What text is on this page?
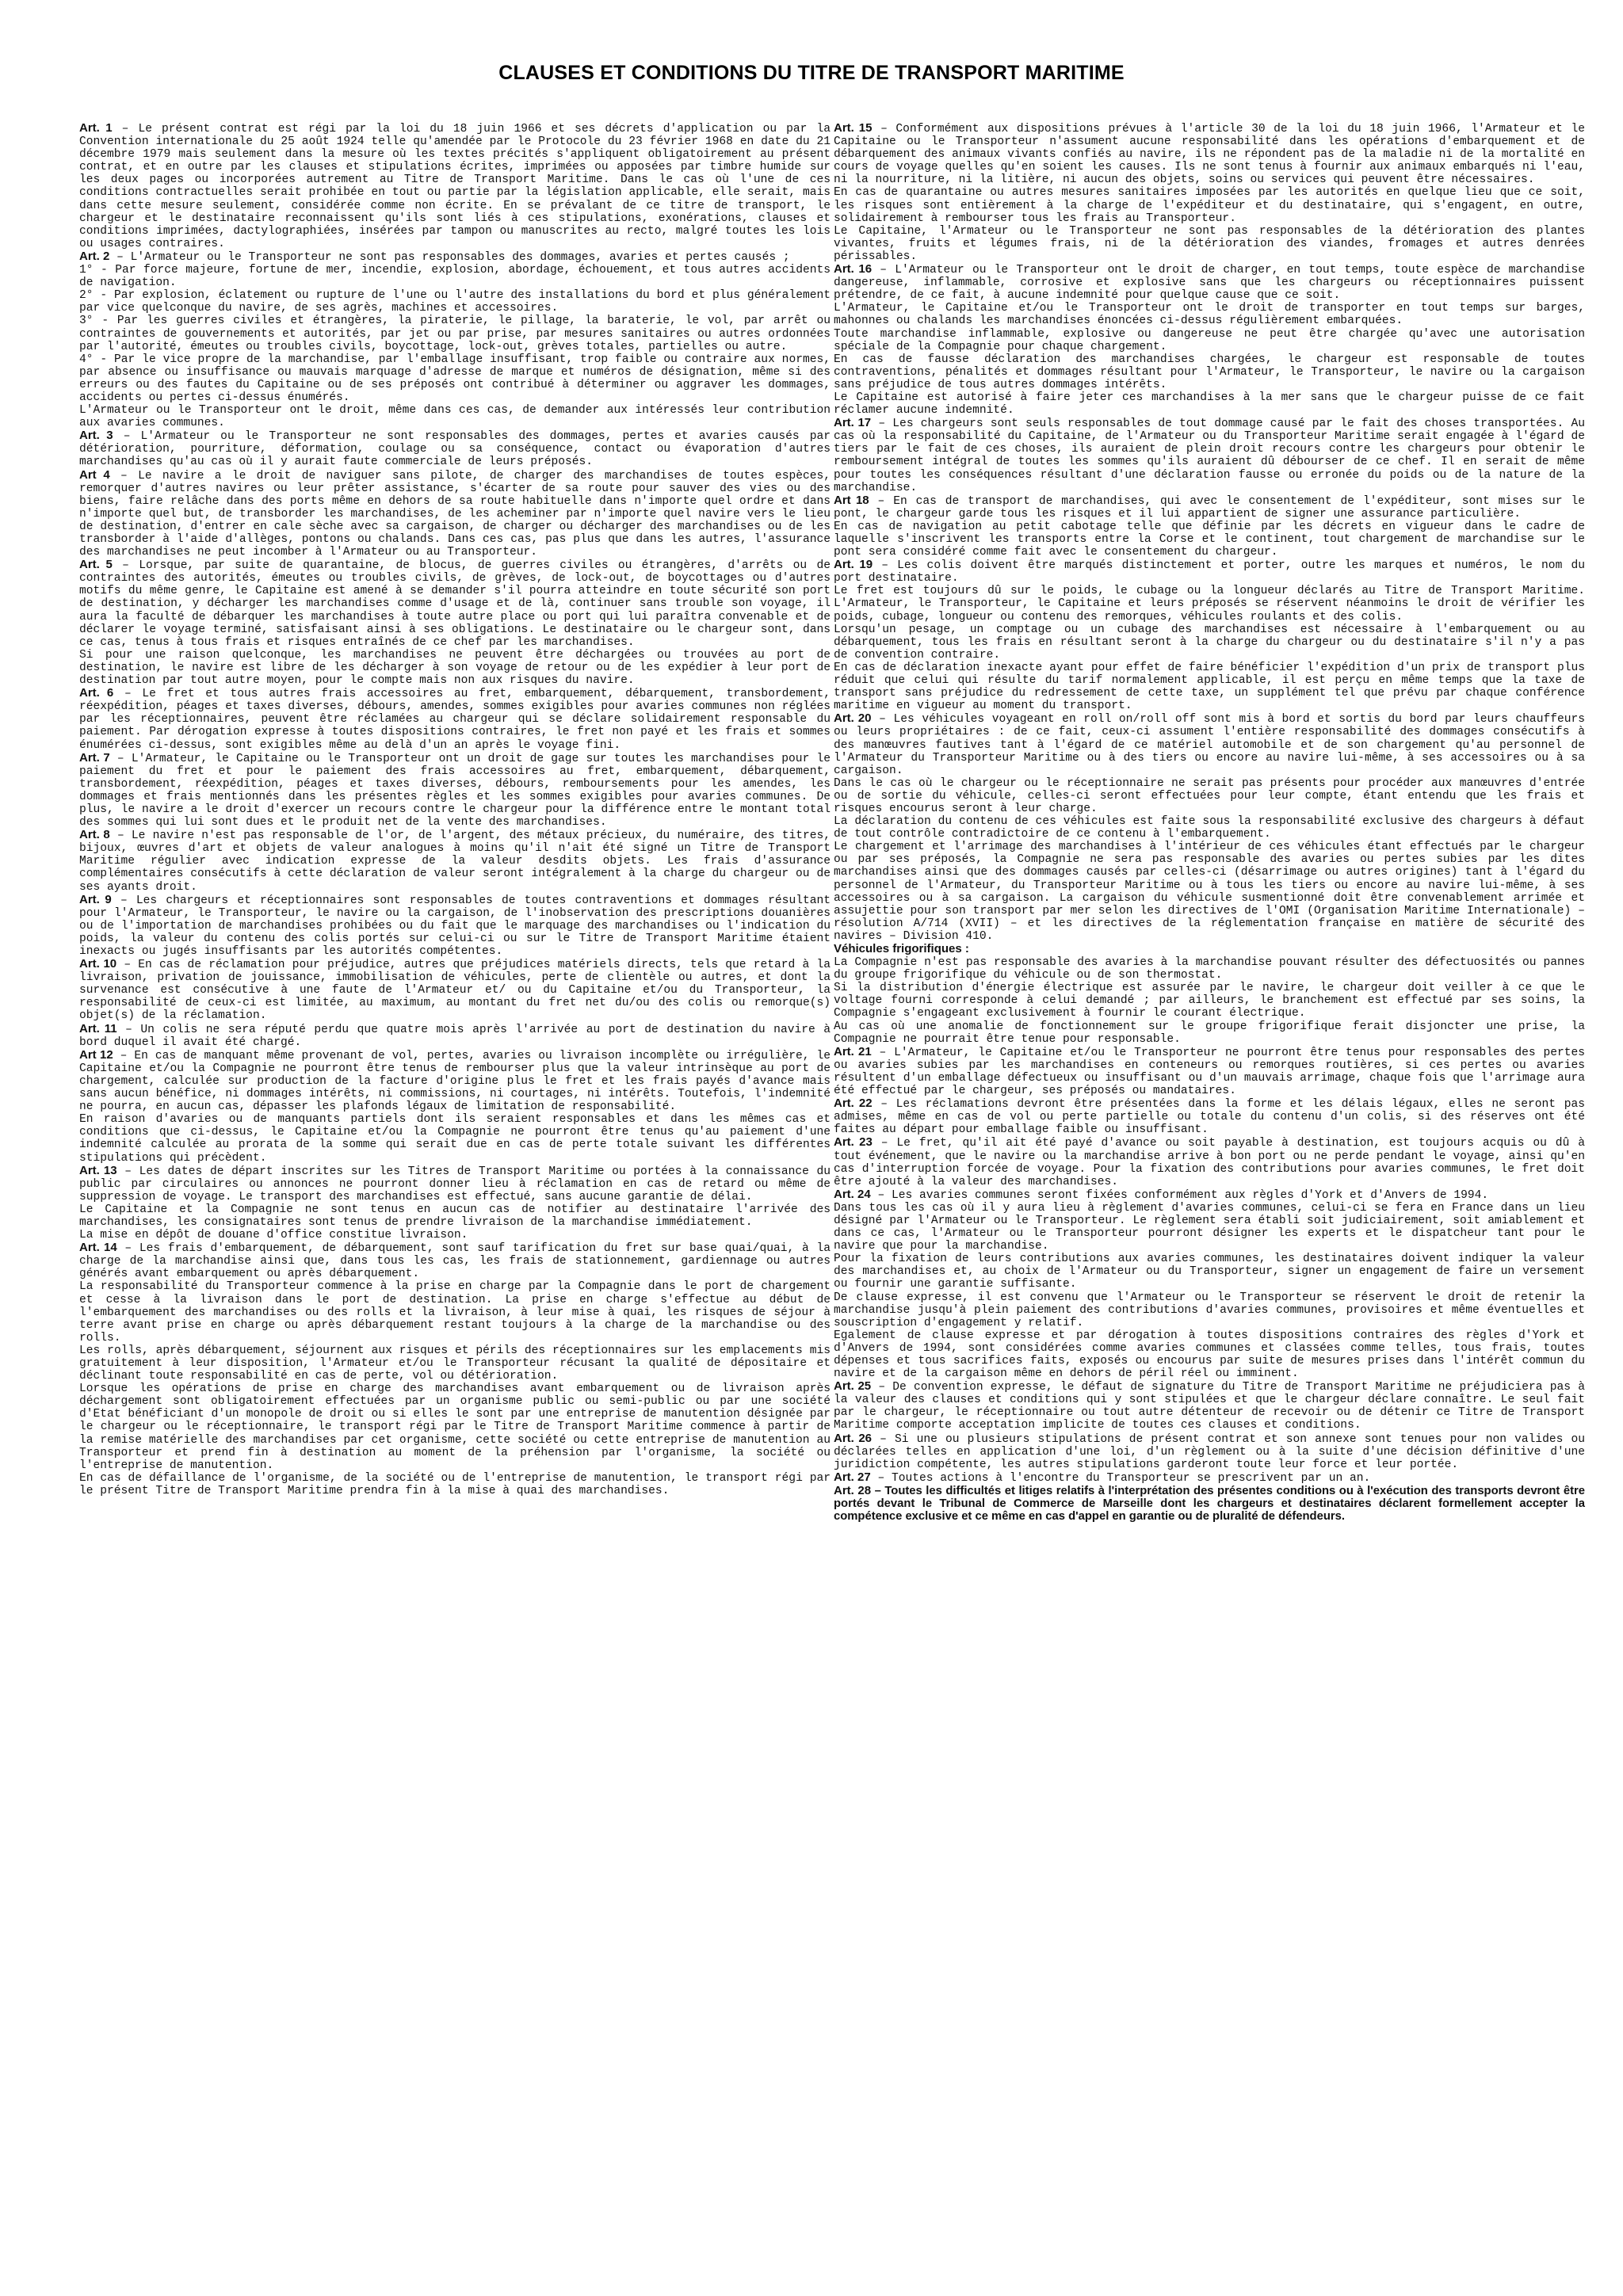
CLAUSES ET CONDITIONS DU TITRE DE TRANSPORT MARITIME

Art. 1 – Le présent contrat est régi par la loi du 18 juin 1966 et ses décrets d'application ou par la Convention internationale du 25 août 1924 telle qu'amendée par le Protocole du 23 février 1968 en date du 21 décembre 1979 mais seulement dans la mesure où les textes précités s'appliquent obligatoirement au présent contrat, et en outre par les clauses et stipulations écrites, imprimées ou apposées par timbre humide sur les deux pages ou incorporées autrement au Titre de Transport Maritime. Dans le cas où l'une de ces conditions contractuelles serait prohibée en tout ou partie par la législation applicable, elle serait, mais dans cette mesure seulement, considérée comme non écrite. En se prévalant de ce titre de transport, le chargeur et le destinataire reconnaissent qu'ils sont liés à ces stipulations, exonérations, clauses et conditions imprimées, dactylographiées, insérées par tampon ou manuscrites au recto, malgré toutes les lois ou usages contraires.

Art. 2 – L'Armateur ou le Transporteur ne sont pas responsables des dommages, avaries et pertes causés ;

1° - Par force majeure, fortune de mer, incendie, explosion, abordage, échouement, et tous autres accidents de navigation.

2° - Par explosion, éclatement ou rupture de l'une ou l'autre des installations du bord et plus généralement par vice quelconque du navire, de ses agrès, machines et accessoires.

3° - Par les guerres civiles et étrangères, la piraterie, le pillage, la baraterie, le vol, par arrêt ou contraintes de gouvernements et autorités, par jet ou par prise, par mesures sanitaires ou autres ordonnées par l'autorité, émeutes ou troubles civils, boycottage, lock-out, grèves totales, partielles ou autre.

4° - Par le vice propre de la marchandise, par l'emballage insuffisant, trop faible ou contraire aux normes, par absence ou insuffisance ou mauvais marquage d'adresse de marque et numéros de désignation, même si des erreurs ou des fautes du Capitaine ou de ses préposés ont contribué à déterminer ou aggraver les dommages, accidents ou pertes ci-dessus énumérés.

L'Armateur ou le Transporteur ont le droit, même dans ces cas, de demander aux intéressés leur contribution aux avaries communes.

Art. 3 – L'Armateur ou le Transporteur ne sont responsables des dommages, pertes et avaries causés par détérioration, pourriture, déformation, coulage ou sa conséquence, contact ou évaporation d'autres marchandises qu'au cas où il y aurait faute commerciale de leurs préposés.

Art 4 – Le navire a le droit de naviguer sans pilote, de charger des marchandises de toutes espèces, remorquer d'autres navires ou leur prêter assistance, s'écarter de sa route pour sauver des vies ou des biens, faire relâche dans des ports même en dehors de sa route habituelle dans n'importe quel ordre et dans n'importe quel but, de transborder les marchandises, de les acheminer par n'importe quel navire vers le lieu de destination, d'entrer en cale sèche avec sa cargaison, de charger ou décharger des marchandises ou de les transborder à l'aide d'allèges, pontons ou chalands. Dans ces cas, pas plus que dans les autres, l'assurance des marchandises ne peut incomber à l'Armateur ou au Transporteur.

Art. 5 – Lorsque, par suite de quarantaine, de blocus, de guerres civiles ou étrangères, d'arrêts ou de contraintes des autorités, émeutes ou troubles civils, de grèves, de lock-out, de boycottages ou d'autres motifs du même genre, le Capitaine est amené à se demander s'il pourra atteindre en toute sécurité son port de destination, y décharger les marchandises comme d'usage et de là, continuer sans trouble son voyage, il aura la faculté de débarquer les marchandises à toute autre place ou port qui lui paraîtra convenable et de déclarer le voyage terminé, satisfaisant ainsi à ses obligations. Le destinataire ou le chargeur sont, dans ce cas, tenus à tous frais et risques entraînés de ce chef par les marchandises.

Si pour une raison quelconque, les marchandises ne peuvent être déchargées ou trouvées au port de destination, le navire est libre de les décharger à son voyage de retour ou de les expédier à leur port de destination par tout autre moyen, pour le compte mais non aux risques du navire.

Art. 6 – Le fret et tous autres frais accessoires au fret, embarquement, débarquement, transbordement, réexpédition, péages et taxes diverses, débours, amendes, sommes exigibles pour avaries communes non réglées par les réceptionnaires, peuvent être réclamées au chargeur qui se déclare solidairement responsable du paiement. Par dérogation expresse à toutes dispositions contraires, le fret non payé et les frais et sommes énumérées ci-dessus, sont exigibles même au delà d'un an après le voyage fini.

Art. 7 – L'Armateur, le Capitaine ou le Transporteur ont un droit de gage sur toutes les marchandises pour le paiement du fret et pour le paiement des frais accessoires au fret, embarquement, débarquement, transbordement, réexpédition, péages et taxes diverses, débours, remboursements pour les amendes, les dommages et frais mentionnés dans les présentes règles et les sommes exigibles pour avaries communes. De plus, le navire a le droit d'exercer un recours contre le chargeur pour la différence entre le montant total des sommes qui lui sont dues et le produit net de la vente des marchandises.

Art. 8 – Le navire n'est pas responsable de l'or, de l'argent, des métaux précieux, du numéraire, des titres, bijoux, œuvres d'art et objets de valeur analogues à moins qu'il n'ait été signé un Titre de Transport Maritime régulier avec indication expresse de la valeur desdits objets. Les frais d'assurance complémentaires consécutifs à cette déclaration de valeur seront intégralement à la charge du chargeur ou de ses ayants droit.

Art. 9 – Les chargeurs et réceptionnaires sont responsables de toutes contraventions et dommages résultant pour l'Armateur, le Transporteur, le navire ou la cargaison, de l'inobservation des prescriptions douanières ou de l'importation de marchandises prohibées ou du fait que le marquage des marchandises ou l'indication du poids, la valeur du contenu des colis portés sur celui-ci ou sur le Titre de Transport Maritime étaient inexacts ou jugés insuffisants par les autorités compétentes.

Art. 10 – En cas de réclamation pour préjudice, autres que préjudices matériels directs, tels que retard à la livraison, privation de jouissance, immobilisation de véhicules, perte de clientèle ou autres, et dont la survenance est consécutive à une faute de l'Armateur et/ ou du Capitaine et/ou du Transporteur, la responsabilité de ceux-ci est limitée, au maximum, au montant du fret net du/ou des colis ou remorque(s) objet(s) de la réclamation.

Art. 11 – Un colis ne sera réputé perdu que quatre mois après l'arrivée au port de destination du navire à bord duquel il avait été chargé.

Art 12 – En cas de manquant même provenant de vol, pertes, avaries ou livraison incomplète ou irrégulière, le Capitaine et/ou la Compagnie ne pourront être tenus de rembourser plus que la valeur intrinsèque au port de chargement, calculée sur production de la facture d'origine plus le fret et les frais payés d'avance mais sans aucun bénéfice, ni dommages intérêts, ni commissions, ni courtages, ni intérêts. Toutefois, l'indemnité ne pourra, en aucun cas, dépasser les plafonds légaux de limitation de responsabilité.

En raison d'avaries ou de manquants partiels dont ils seraient responsables et dans les mêmes cas et conditions que ci-dessus, le Capitaine et/ou la Compagnie ne pourront être tenus qu'au paiement d'une indemnité calculée au prorata de la somme qui serait due en cas de perte totale suivant les différentes stipulations qui précèdent.

Art. 13 – Les dates de départ inscrites sur les Titres de Transport Maritime ou portées à la connaissance du public par circulaires ou annonces ne pourront donner lieu à réclamation en cas de retard ou même de suppression de voyage. Le transport des marchandises est effectué, sans aucune garantie de délai.

Le Capitaine et la Compagnie ne sont tenus en aucun cas de notifier au destinataire l'arrivée des marchandises, les consignataires sont tenus de prendre livraison de la marchandise immédiatement.

La mise en dépôt de douane d'office constitue livraison.

Art. 14 – Les frais d'embarquement, de débarquement, sont sauf tarification du fret sur base quai/quai, à la charge de la marchandise ainsi que, dans tous les cas, les frais de stationnement, gardiennage ou autres générés avant embarquement ou après débarquement.

La responsabilité du Transporteur commence à la prise en charge par la Compagnie dans le port de chargement et cesse à la livraison dans le port de destination. La prise en charge s'effectue au début de l'embarquement des marchandises ou des rolls et la livraison, à leur mise à quai, les risques de séjour à terre avant prise en charge ou après débarquement restant toujours à la charge de la marchandise ou des rolls.

Les rolls, après débarquement, séjournent aux risques et périls des réceptionnaires sur les emplacements mis gratuitement à leur disposition, l'Armateur et/ou le Transporteur récusant la qualité de dépositaire et déclinant toute responsabilité en cas de perte, vol ou détérioration.

Lorsque les opérations de prise en charge des marchandises avant embarquement ou de livraison après déchargement sont obligatoirement effectuées par un organisme public ou semi-public ou par une société d'Etat bénéficiant d'un monopole de droit ou si elles le sont par une entreprise de manutention désignée par le chargeur ou le réceptionnaire, le transport régi par le Titre de Transport Maritime commence à partir de la remise matérielle des marchandises par cet organisme, cette société ou cette entreprise de manutention au Transporteur et prend fin à destination au moment de la préhension par l'organisme, la société ou l'entreprise de manutention.

En cas de défaillance de l'organisme, de la société ou de l'entreprise de manutention, le transport régi par le présent Titre de Transport Maritime prendra fin à la mise à quai des marchandises.

Art. 15 – Conformément aux dispositions prévues à l'article 30 de la loi du 18 juin 1966, l'Armateur et le Capitaine ou le Transporteur n'assument aucune responsabilité dans les opérations d'embarquement et de débarquement des animaux vivants confiés au navire, ils ne répondent pas de la maladie ni de la mortalité en cours de voyage quelles qu'en soient les causes. Ils ne sont tenus à fournir aux animaux embarqués ni l'eau, ni la nourriture, ni la litière, ni aucun des objets, soins ou services qui peuvent être nécessaires.

En cas de quarantaine ou autres mesures sanitaires imposées par les autorités en quelque lieu que ce soit, les risques sont entièrement à la charge de l'expéditeur et du destinataire, qui s'engagent, en outre, solidairement à rembourser tous les frais au Transporteur.

Le Capitaine, l'Armateur ou le Transporteur ne sont pas responsables de la détérioration des plantes vivantes, fruits et légumes frais, ni de la détérioration des viandes, fromages et autres denrées périssables.

Art. 16 – L'Armateur ou le Transporteur ont le droit de charger, en tout temps, toute espèce de marchandise dangereuse, inflammable, corrosive et explosive sans que les chargeurs ou réceptionnaires puissent prétendre, de ce fait, à aucune indemnité pour quelque cause que ce soit.

L'Armateur, le Capitaine et/ou le Transporteur ont le droit de transporter en tout temps sur barges, mahonnes ou chalands les marchandises énoncées ci-dessus régulièrement embarquées.

Toute marchandise inflammable, explosive ou dangereuse ne peut être chargée qu'avec une autorisation spéciale de la Compagnie pour chaque chargement.

En cas de fausse déclaration des marchandises chargées, le chargeur est responsable de toutes contraventions, pénalités et dommages résultant pour l'Armateur, le Transporteur, le navire ou la cargaison sans préjudice de tous autres dommages intérêts.

Le Capitaine est autorisé à faire jeter ces marchandises à la mer sans que le chargeur puisse de ce fait réclamer aucune indemnité.

Art. 17 – Les chargeurs sont seuls responsables de tout dommage causé par le fait des choses transportées. Au cas où la responsabilité du Capitaine, de l'Armateur ou du Transporteur Maritime serait engagée à l'égard de tiers par le fait de ces choses, ils auraient de plein droit recours contre les chargeurs pour obtenir le remboursement intégral de toutes les sommes qu'ils auraient dû débourser de ce chef. Il en serait de même pour toutes les conséquences résultant d'une déclaration fausse ou erronée du poids ou de la nature de la marchandise.

Art 18 – En cas de transport de marchandises, qui avec le consentement de l'expéditeur, sont mises sur le pont, le chargeur garde tous les risques et il lui appartient de signer une assurance particulière.

En cas de navigation au petit cabotage telle que définie par les décrets en vigueur dans le cadre de laquelle s'inscrivent les transports entre la Corse et le continent, tout chargement de marchandise sur le pont sera considéré comme fait avec le consentement du chargeur.

Art. 19 – Les colis doivent être marqués distinctement et porter, outre les marques et numéros, le nom du port destinataire.

Le fret est toujours dû sur le poids, le cubage ou la longueur déclarés au Titre de Transport Maritime. L'Armateur, le Transporteur, le Capitaine et leurs préposés se réservent néanmoins le droit de vérifier les poids, cubage, longueur ou contenu des remorques, véhicules roulants et des colis.

Lorsqu'un pesage, un comptage ou un cubage des marchandises est nécessaire à l'embarquement ou au débarquement, tous les frais en résultant seront à la charge du chargeur ou du destinataire s'il n'y a pas de convention contraire.

En cas de déclaration inexacte ayant pour effet de faire bénéficier l'expédition d'un prix de transport plus réduit que celui qui résulte du tarif normalement applicable, il est perçu en même temps que la taxe de transport sans préjudice du redressement de cette taxe, un supplément tel que prévu par chaque conférence maritime en vigueur au moment du transport.

Art. 20 – Les véhicules voyageant en roll on/roll off sont mis à bord et sortis du bord par leurs chauffeurs ou leurs propriétaires : de ce fait, ceux-ci assument l'entière responsabilité des dommages consécutifs à des manœuvres fautives tant à l'égard de ce matériel automobile et de son chargement qu'au personnel de l'Armateur du Transporteur Maritime ou à des tiers ou encore au navire lui-même, à ses accessoires ou à sa cargaison.

Dans le cas où le chargeur ou le réceptionnaire ne serait pas présents pour procéder aux manœuvres d'entrée ou de sortie du véhicule, celles-ci seront effectuées pour leur compte, étant entendu que les frais et risques encourus seront à leur charge.

La déclaration du contenu de ces véhicules est faite sous la responsabilité exclusive des chargeurs à défaut de tout contrôle contradictoire de ce contenu à l'embarquement.

Le chargement et l'arrimage des marchandises à l'intérieur de ces véhicules étant effectués par le chargeur ou par ses préposés, la Compagnie ne sera pas responsable des avaries ou pertes subies par les dites marchandises ainsi que des dommages causés par celles-ci (désarrimage ou autres origines) tant à l'égard du personnel de l'Armateur, du Transporteur Maritime ou à tous les tiers ou encore au navire lui-même, à ses accessoires ou à sa cargaison. La cargaison du véhicule susmentionné doit être convenablement arrimée et assujettie pour son transport par mer selon les directives de l'OMI (Organisation Maritime Internationale) – résolution A/714 (XVII) – et les directives de la réglementation française en matière de sécurité des navires – Division 410.

Véhicules frigorifiques :

La Compagnie n'est pas responsable des avaries à la marchandise pouvant résulter des défectuosités ou pannes du groupe frigorifique du véhicule ou de son thermostat.

Si la distribution d'énergie électrique est assurée par le navire, le chargeur doit veiller à ce que le voltage fourni corresponde à celui demandé ; par ailleurs, le branchement est effectué par ses soins, la Compagnie s'engageant exclusivement à fournir le courant électrique.

Au cas où une anomalie de fonctionnement sur le groupe frigorifique ferait disjoncter une prise, la Compagnie ne pourrait être tenue pour responsable.

Art. 21 – L'Armateur, le Capitaine et/ou le Transporteur ne pourront être tenus pour responsables des pertes ou avaries subies par les marchandises en conteneurs ou remorques routières, si ces pertes ou avaries résultent d'un emballage défectueux ou insuffisant ou d'un mauvais arrimage, chaque fois que l'arrimage aura été effectué par le chargeur, ses préposés ou mandataires.

Art. 22 – Les réclamations devront être présentées dans la forme et les délais légaux, elles ne seront pas admises, même en cas de vol ou perte partielle ou totale du contenu d'un colis, si des réserves ont été faites au départ pour emballage faible ou insuffisant.

Art. 23 – Le fret, qu'il ait été payé d'avance ou soit payable à destination, est toujours acquis ou dû à tout événement, que le navire ou la marchandise arrive à bon port ou ne perde pendant le voyage, ainsi qu'en cas d'interruption forcée de voyage. Pour la fixation des contributions pour avaries communes, le fret doit être ajouté à la valeur des marchandises.

Art. 24 – Les avaries communes seront fixées conformément aux règles d'York et d'Anvers de 1994.

Dans tous les cas où il y aura lieu à règlement d'avaries communes, celui-ci se fera en France dans un lieu désigné par l'Armateur ou le Transporteur. Le règlement sera établi soit judiciairement, soit amiablement et dans ce cas, l'Armateur ou le Transporteur pourront désigner les experts et le dispatcheur tant pour le navire que pour la marchandise.

Pour la fixation de leurs contributions aux avaries communes, les destinataires doivent indiquer la valeur des marchandises et, au choix de l'Armateur ou du Transporteur, signer un engagement de faire un versement ou fournir une garantie suffisante.

De clause expresse, il est convenu que l'Armateur ou le Transporteur se réservent le droit de retenir la marchandise jusqu'à plein paiement des contributions d'avaries communes, provisoires et même éventuelles et souscription d'engagement y relatif.

Egalement de clause expresse et par dérogation à toutes dispositions contraires des règles d'York et d'Anvers de 1994, sont considérées comme avaries communes et classées comme telles, tous frais, toutes dépenses et tous sacrifices faits, exposés ou encourus par suite de mesures prises dans l'intérêt commun du navire et de la cargaison même en dehors de péril réel ou imminent.

Art. 25 – De convention expresse, le défaut de signature du Titre de Transport Maritime ne préjudiciera pas à la valeur des clauses et conditions qui y sont stipulées et que le chargeur déclare connaître. Le seul fait par le chargeur, le réceptionnaire ou tout autre détenteur de recevoir ou de détenir ce Titre de Transport Maritime comporte acceptation implicite de toutes ces clauses et conditions.

Art. 26 – Si une ou plusieurs stipulations de présent contrat et son annexe sont tenues pour non valides ou déclarées telles en application d'une loi, d'un règlement ou à la suite d'une décision définitive d'une juridiction compétente, les autres stipulations garderont toute leur force et leur portée.

Art. 27 – Toutes actions à l'encontre du Transporteur se prescrivent par un an.

Art. 28 – Toutes les difficultés et litiges relatifs à l'interprétation des présentes conditions ou à l'exécution des transports devront être portés devant le Tribunal de Commerce de Marseille dont les chargeurs et destinataires déclarent formellement accepter la compétence exclusive et ce même en cas d'appel en garantie ou de pluralité de défendeurs.
